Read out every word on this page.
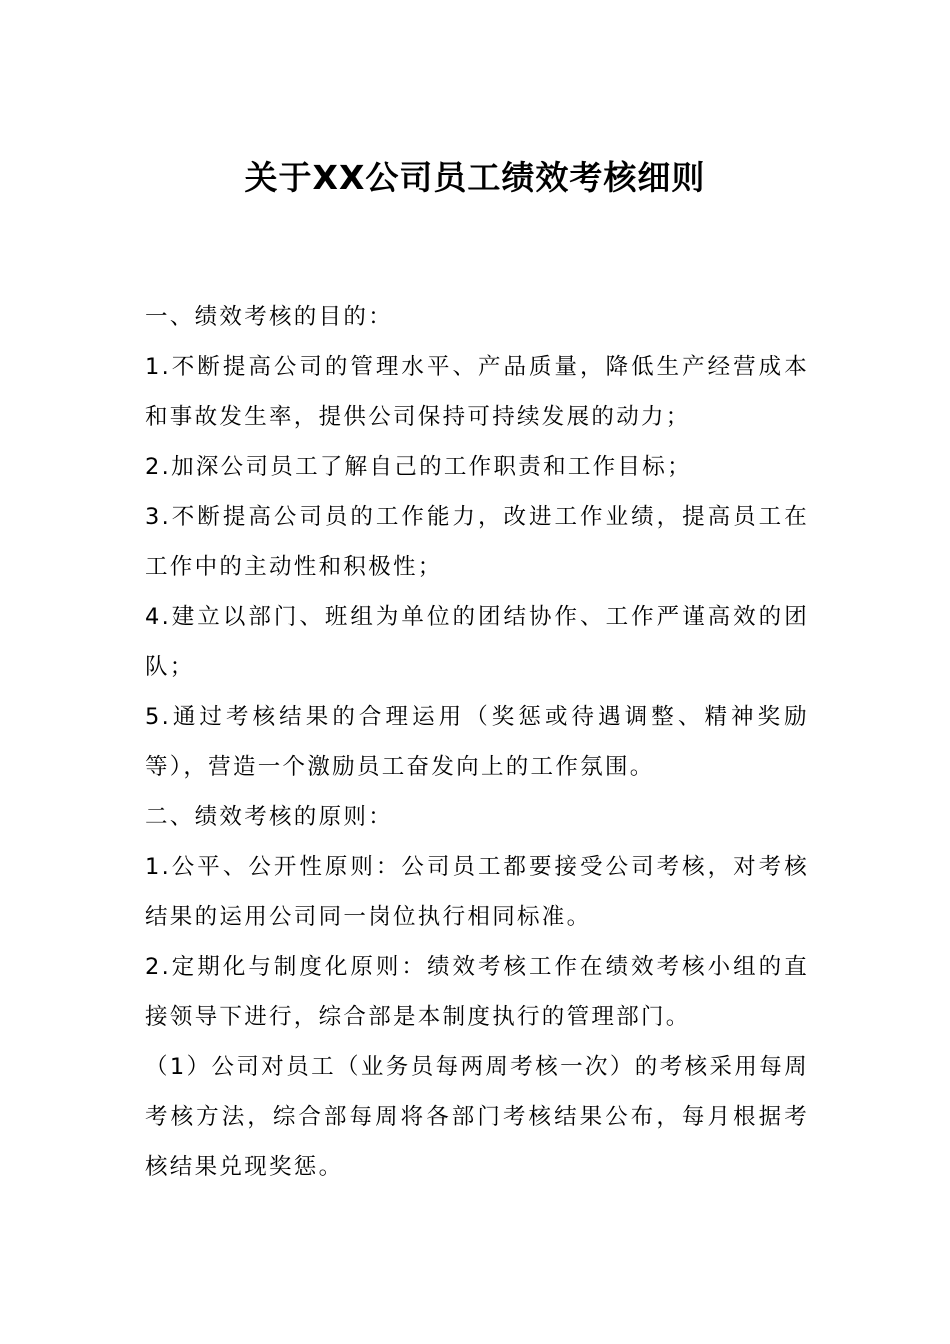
关于XX公司员工绩效考核细则

一、绩效考核的目的：

1.不断提高公司的管理水平、产品质量，降低生产经营成本和事故发生率，提供公司保持可持续发展的动力；

2.加深公司员工了解自己的工作职责和工作目标；

3.不断提高公司员的工作能力，改进工作业绩，提高员工在工作中的主动性和积极性；

4.建立以部门、班组为单位的团结协作、工作严谨高效的团队；

5.通过考核结果的合理运用（奖惩或待遇调整、精神奖励等），营造一个激励员工奋发向上的工作氛围。

二、绩效考核的原则：

1.公平、公开性原则：公司员工都要接受公司考核，对考核结果的运用公司同一岗位执行相同标准。

2.定期化与制度化原则：绩效考核工作在绩效考核小组的直接领导下进行，综合部是本制度执行的管理部门。

（1）公司对员工（业务员每两周考核一次）的考核采用每周考核方法，综合部每周将各部门考核结果公布，每月根据考核结果兑现奖惩。
